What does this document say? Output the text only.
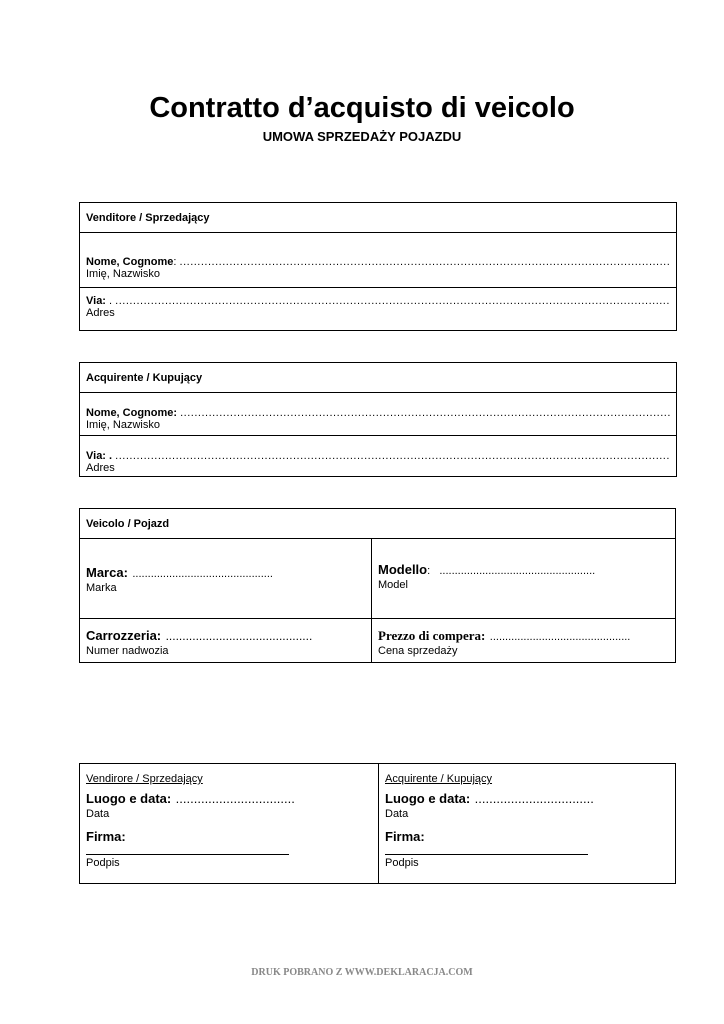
Contratto d’acquisto di veicolo
UMOWA SPRZEDAŻY POJAZDU
Venditore / Sprzedający
Nome, Cognome :
.....
Imię, Nazwisko
Via: .
.....
Adres
Acquirente / Kupujący
Nome, Cognome:

.....
Imię, Nazwisko
Via: .

.....
Adres
Veicolo / Pojazd
Marca: ..............................................
Marka
Modello:   ...................................................
Model
Carrozzeria: ............................................
Numer nadwozia
Prezzo di compera: ..............................................
Cena sprzedaży
Vendirore / Sprzedający
Luogo e data: .................................
Data
Firma:
Podpis
Acquirente / Kupujący
Luogo e data: .................................
Data
Firma:
Podpis
DRUK POBRANO Z WWW.DEKLARACJA.COM
